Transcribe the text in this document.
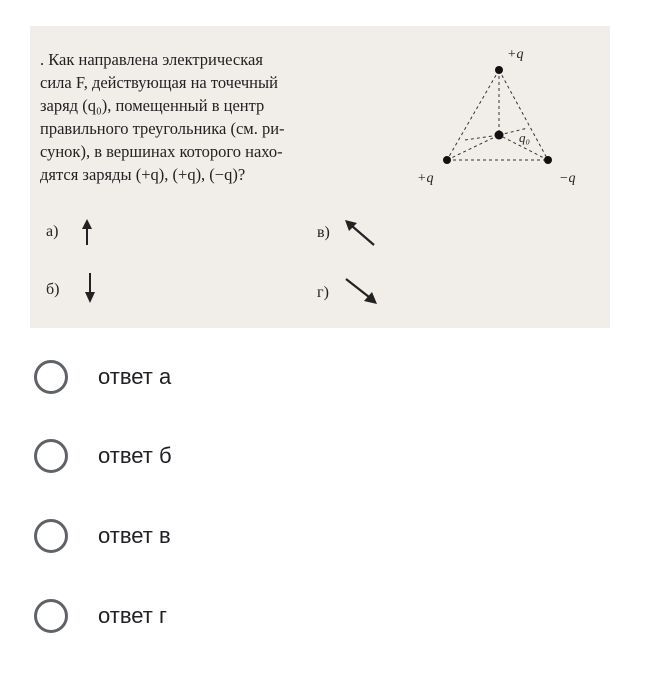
. Как направлена электрическая
сила F, действующая на точечный
заряд (q₀), помещенный в центр
правильного треугольника (см. ри-
сунок), в вершинах которого нахо-
дятся заряды (+q), (+q), (−q)?
а)
б)
в)
г)
+q
+q	−q
q₀
ответ а
ответ б
ответ в
ответ г
